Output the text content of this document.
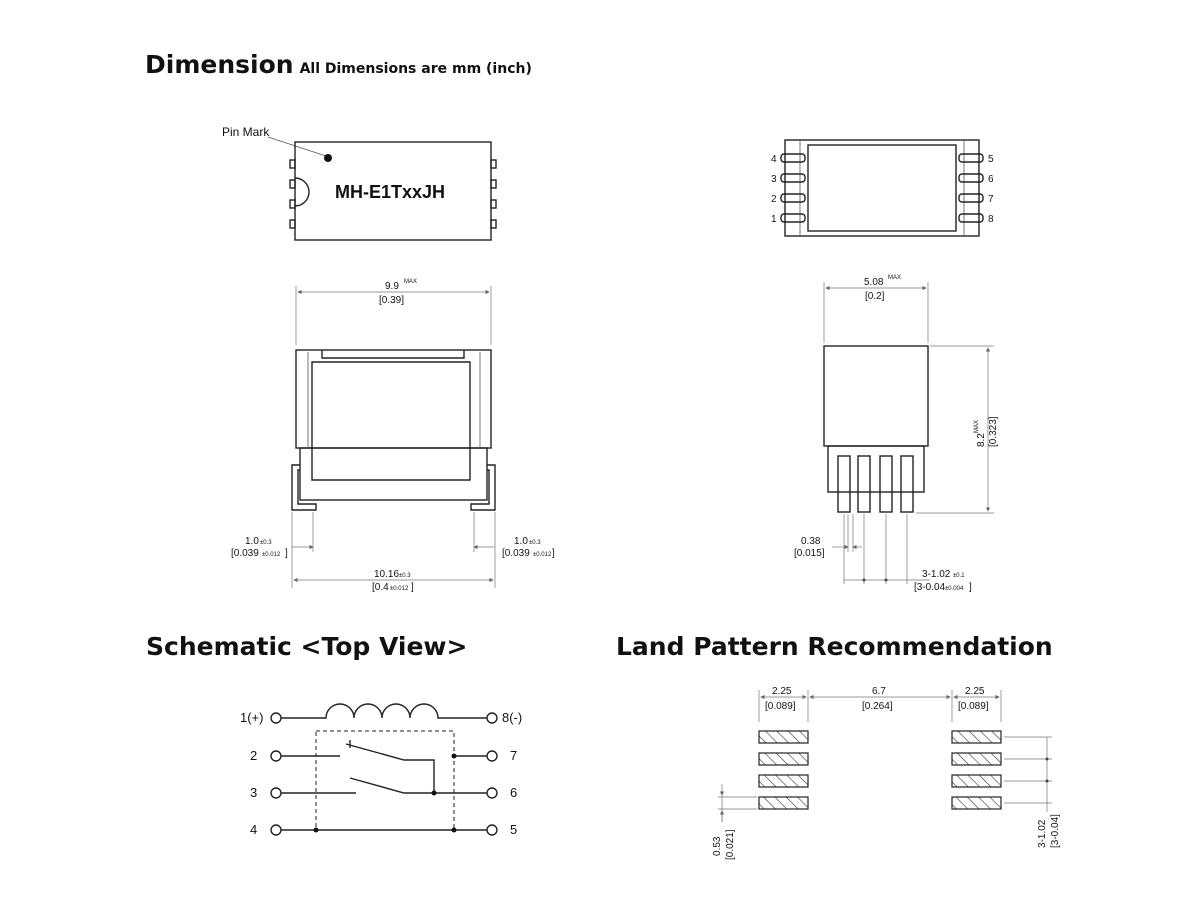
Dimension All Dimensions are mm (inch)
Schematic <Top View>	Land Pattern Recommendation
Pin Mark
MH-E1TxxJH
4
3
2
1
5
6
7
8
9.9 MAX
[0.39]
1.0 ±0.3
[0.039 ±0.012 ]
1.0 ±0.3
[0.039 ±0.012 ]
10.16 ±0.3
[0.4 ±0.012 ]
5.08 MAX
[0.2]
8.2
MAX [0.323]
0.38
[0.015]
3-1.02 ±0.1
[3-0.04 ±0.004 ]
1(+)
2
3
4
8(-)
7
6
5
2.25
[0.089]
6.7
[0.264]
2.25
[0.089]
0.53 [0.021]	3-1.02 [3-0.04]
